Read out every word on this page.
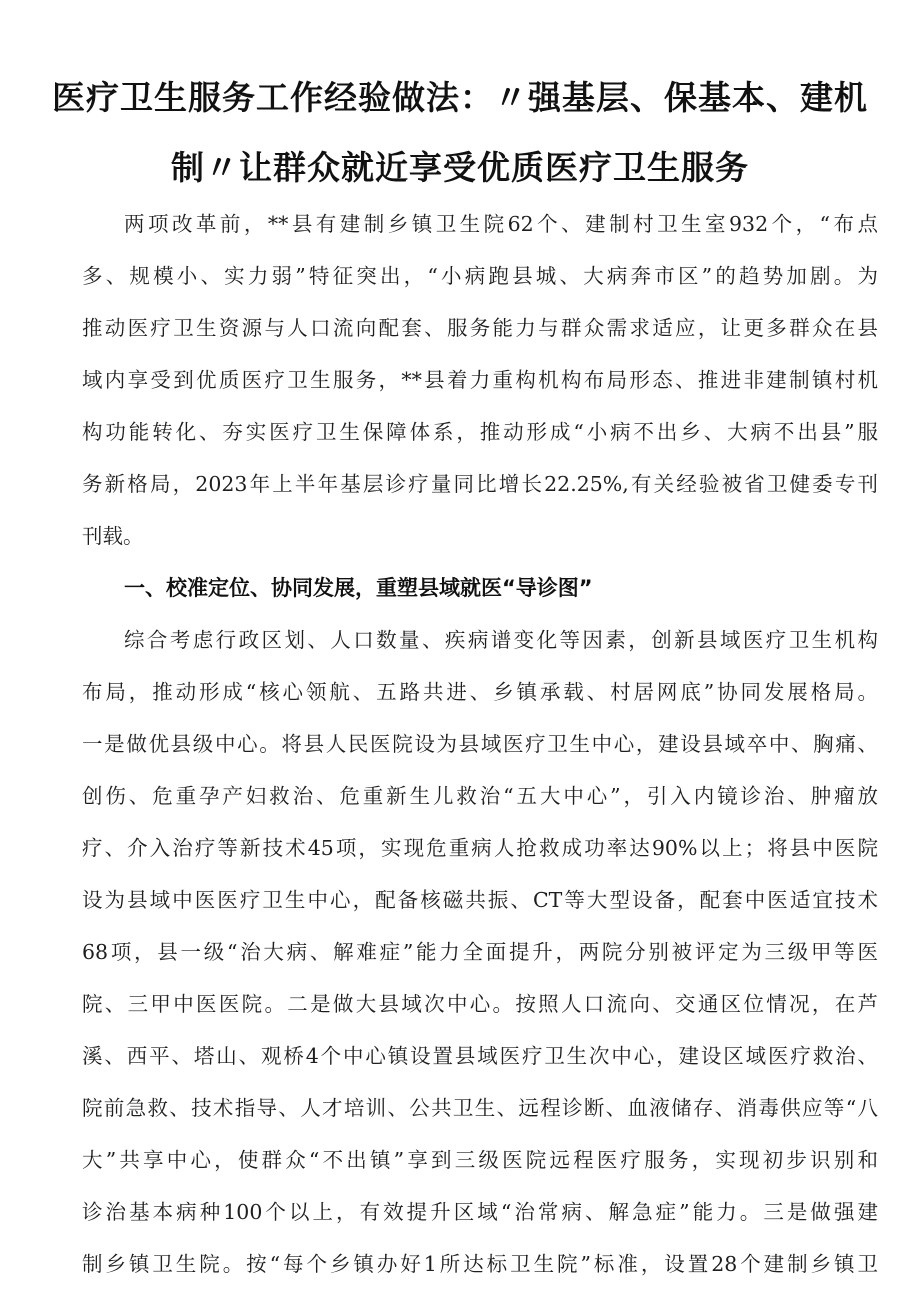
医疗卫生服务工作经验做法：〃强基层、保基本、建机
制〃让群众就近享受优质医疗卫生服务
两项改革前，**县有建制乡镇卫生院62个、建制村卫生室932个，“布点
多、规模小、实力弱”特征突出，“小病跑县城、大病奔市区”的趋势加剧。为
推动医疗卫生资源与人口流向配套、服务能力与群众需求适应，让更多群众在县
域内享受到优质医疗卫生服务，**县着力重构机构布局形态、推进非建制镇村机
构功能转化、夯实医疗卫生保障体系，推动形成“小病不出乡、大病不出县”服
务新格局，2023年上半年基层诊疗量同比增长22.25%,有关经验被省卫健委专刊
刊载。
一、校准定位、协同发展，重塑县域就医“导诊图”
综合考虑行政区划、人口数量、疾病谱变化等因素，创新县域医疗卫生机构
布局，推动形成“核心领航、五路共进、乡镇承载、村居网底”协同发展格局。
一是做优县级中心。将县人民医院设为县域医疗卫生中心，建设县域卒中、胸痛、
创伤、危重孕产妇救治、危重新生儿救治“五大中心”，引入内镜诊治、肿瘤放
疗、介入治疗等新技术45项，实现危重病人抢救成功率达90%以上；将县中医院
设为县域中医医疗卫生中心，配备核磁共振、CT等大型设备，配套中医适宜技术
68项，县一级“治大病、解难症”能力全面提升，两院分别被评定为三级甲等医
院、三甲中医医院。二是做大县域次中心。按照人口流向、交通区位情况，在芦
溪、西平、塔山、观桥4个中心镇设置县域医疗卫生次中心，建设区域医疗救治、
院前急救、技术指导、人才培训、公共卫生、远程诊断、血液储存、消毒供应等“八
大”共享中心，使群众“不出镇”享到三级医院远程医疗服务，实现初步识别和
诊治基本病种100个以上，有效提升区域“治常病、解急症”能力。三是做强建
制乡镇卫生院。按“每个乡镇办好1所达标卫生院”标准，设置28个建制乡镇卫
